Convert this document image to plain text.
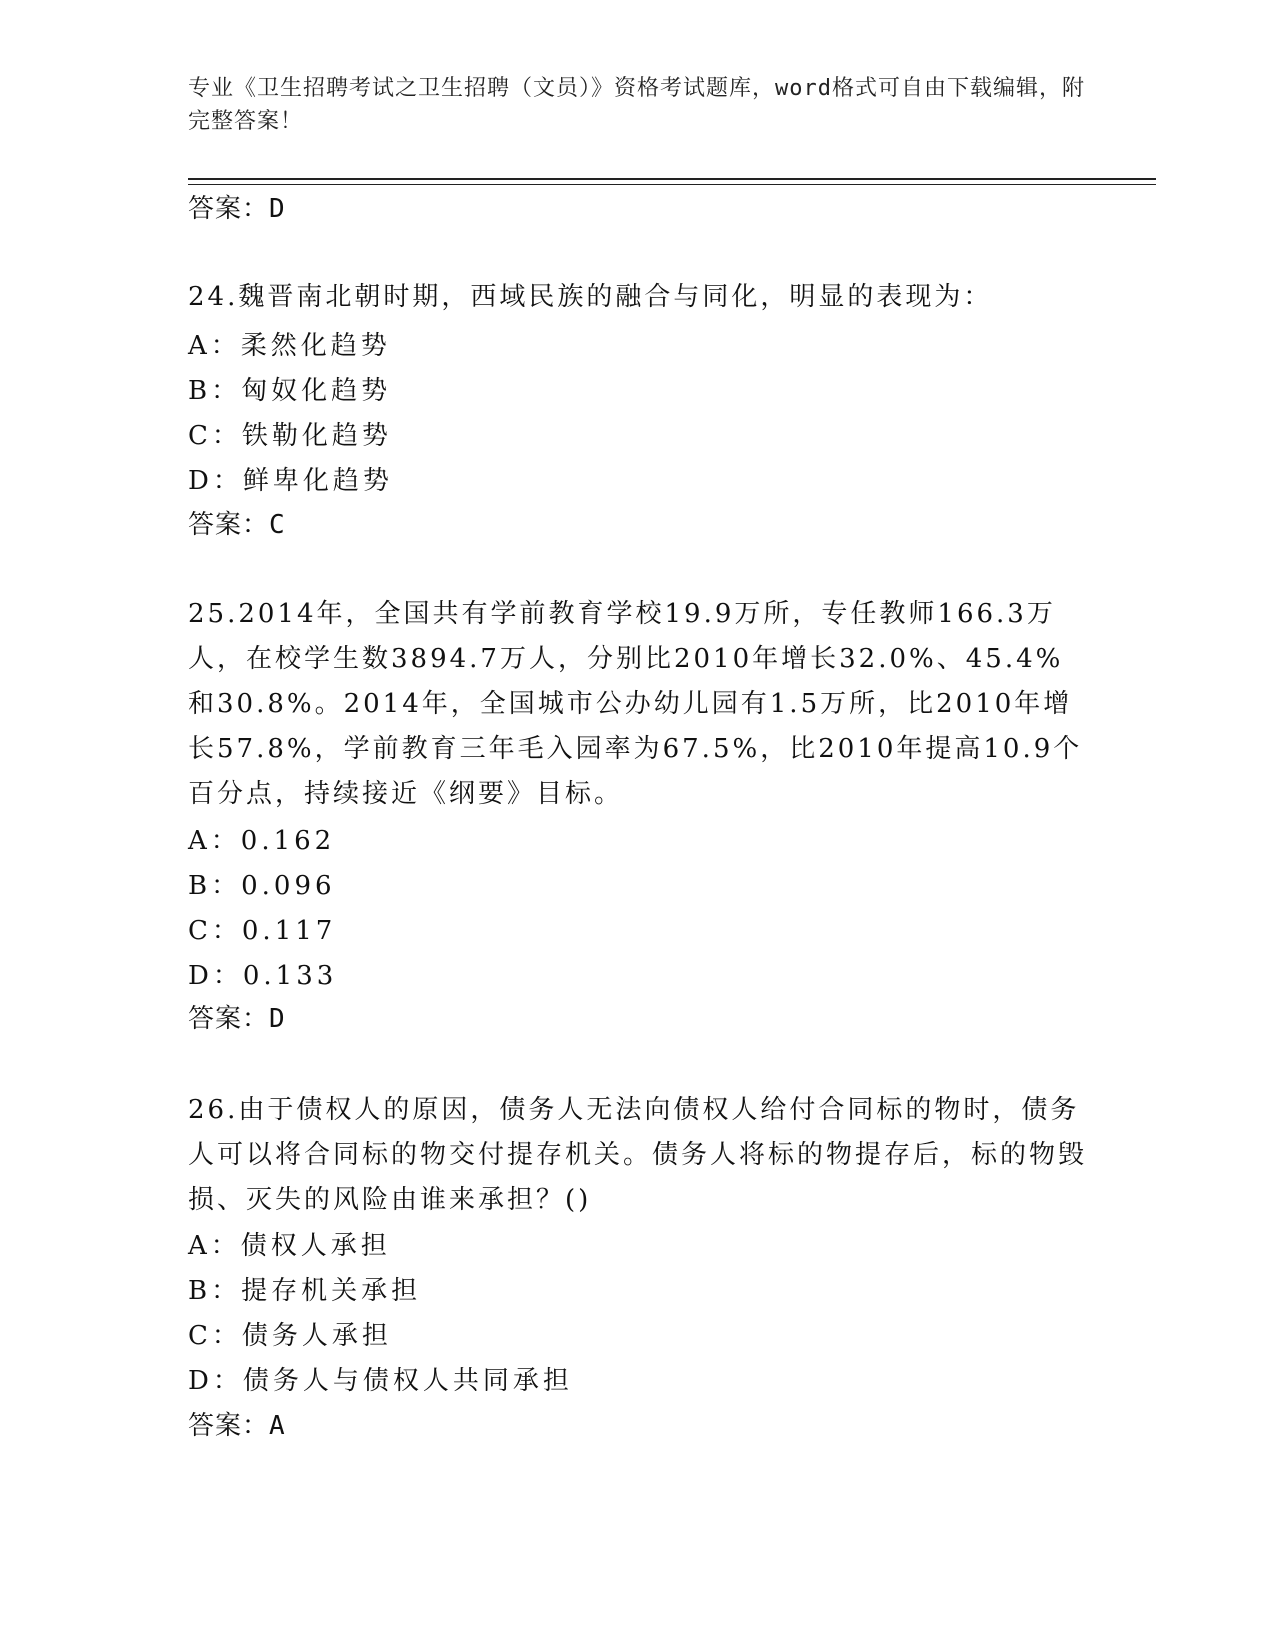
专业《卫生招聘考试之卫生招聘（文员）》资格考试题库，word格式可自由下载编辑，附完整答案！
答案：D
24.魏晋南北朝时期，西域民族的融合与同化，明显的表现为：
A：柔然化趋势
B：匈奴化趋势
C：铁勒化趋势
D：鲜卑化趋势
答案：C
25.2014年，全国共有学前教育学校19.9万所，专任教师166.3万人，在校学生数3894.7万人，分别比2010年增长32.0%、45.4%和30.8%。2014年，全国城市公办幼儿园有1.5万所，比2010年增长57.8%，学前教育三年毛入园率为67.5%，比2010年提高10.9个百分点，持续接近《纲要》目标。
A：0.162
B：0.096
C：0.117
D：0.133
答案：D
26.由于债权人的原因，债务人无法向债权人给付合同标的物时，债务人可以将合同标的物交付提存机关。债务人将标的物提存后，标的物毁损、灭失的风险由谁来承担？()
A：债权人承担
B：提存机关承担
C：债务人承担
D：债务人与债权人共同承担
答案：A
